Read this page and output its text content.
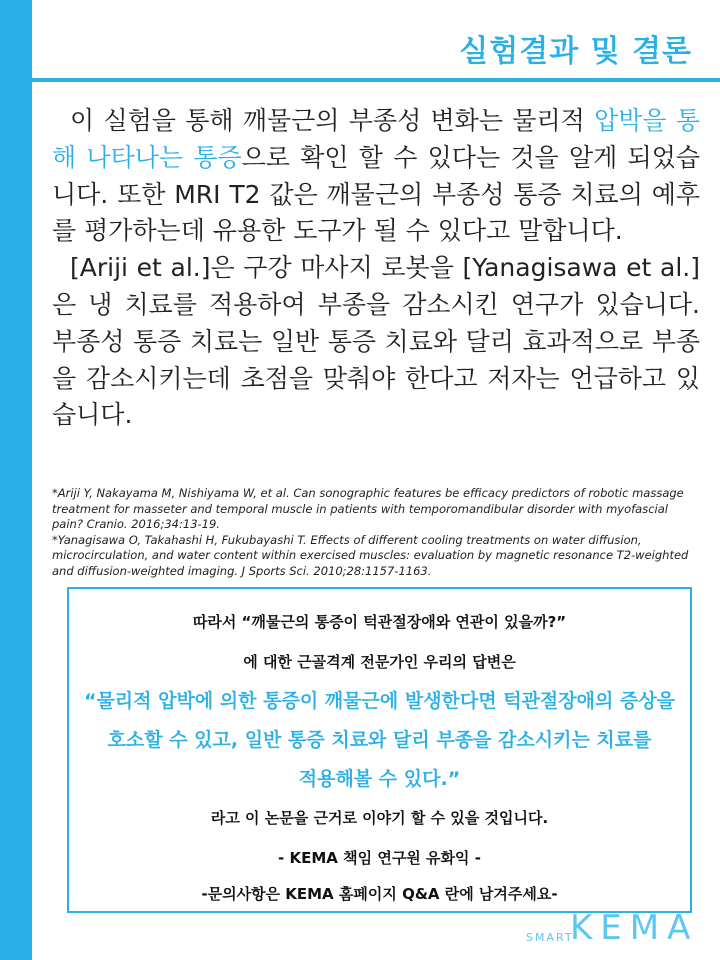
실험결과 및 결론

이 실험을 통해 깨물근의 부종성 변화는 물리적 압박을 통해 나타나는 통증으로 확인 할 수 있다는 것을 알게 되었습니다. 또한 MRI T2 값은 깨물근의 부종성 통증 치료의 예후를 평가하는데 유용한 도구가 될 수 있다고 말합니다.

[Ariji et al.]은 구강 마사지 로봇을 [Yanagisawa et al.]은 냉 치료를 적용하여 부종을 감소시킨 연구가 있습니다. 부종성 통증 치료는 일반 통증 치료와 달리 효과적으로 부종을 감소시키는데 초점을 맞춰야 한다고 저자는 언급하고 있습니다.

*Ariji Y, Nakayama M, Nishiyama W, et al. Can sonographic features be efficacy predictors of robotic massage treatment for masseter and temporal muscle in patients with temporomandibular disorder with myofascial pain? Cranio. 2016;34:13-19.

*Yanagisawa O, Takahashi H, Fukubayashi T. Effects of different cooling treatments on water diffusion, microcirculation, and water content within exercised muscles: evaluation by magnetic resonance T2-weighted and diffusion-weighted imaging. J Sports Sci. 2010;28:1157-1163.

따라서 “깨물근의 통증이 턱관절장애와 연관이 있을까?”

에 대한 근골격계 전문가인 우리의 답변은

“물리적 압박에 의한 통증이 깨물근에 발생한다면 턱관절장애의 증상을

호소할 수 있고, 일반 통증 치료와 달리 부종을 감소시키는 치료를

적용해볼 수 있다.”

라고 이 논문을 근거로 이야기 할 수 있을 것입니다.

- KEMA 책임 연구원 유화익 -

-문의사항은 KEMA 홈페이지 Q&A 란에 남겨주세요-

SMART
KEMA
